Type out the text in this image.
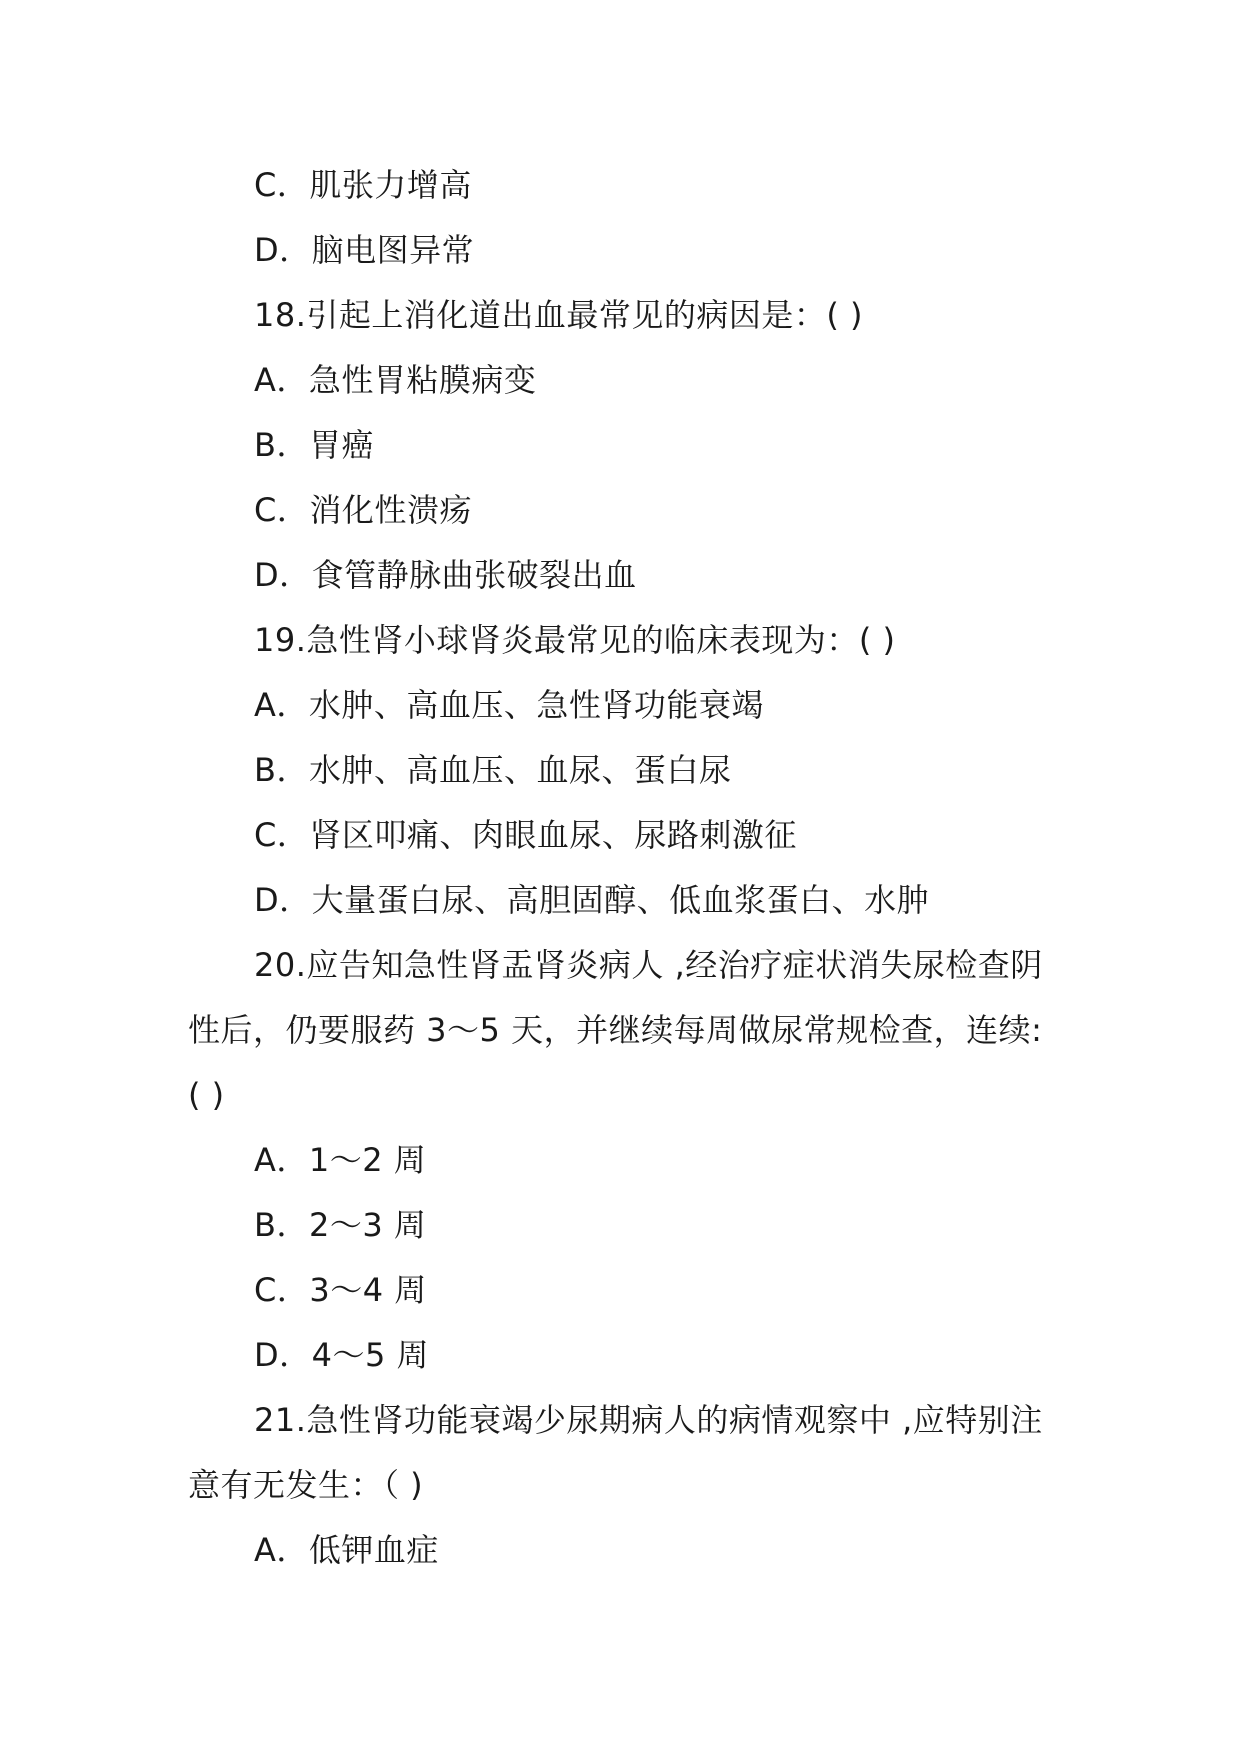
C．肌张力增高
D．脑电图异常
18.引起上消化道出血最常见的病因是：( )
A．急性胃粘膜病变
B．胃癌
C．消化性溃疡
D．食管静脉曲张破裂出血
19.急性肾小球肾炎最常见的临床表现为：( )
A．水肿、高血压、急性肾功能衰竭
B．水肿、高血压、血尿、蛋白尿
C．肾区叩痛、肉眼血尿、尿路刺激征
D．大量蛋白尿、高胆固醇、低血浆蛋白、水肿
20.应告知急性肾盂肾炎病人 ,经治疗症状消失尿检查阴
性后，仍要服药 3～5 天，并继续每周做尿常规检查，连续:
( )
A．1～2 周
B．2～3 周
C．3～4 周
D．4～5 周
21.急性肾功能衰竭少尿期病人的病情观察中 ,应特别注
意有无发生：（ )
A．低钾血症
